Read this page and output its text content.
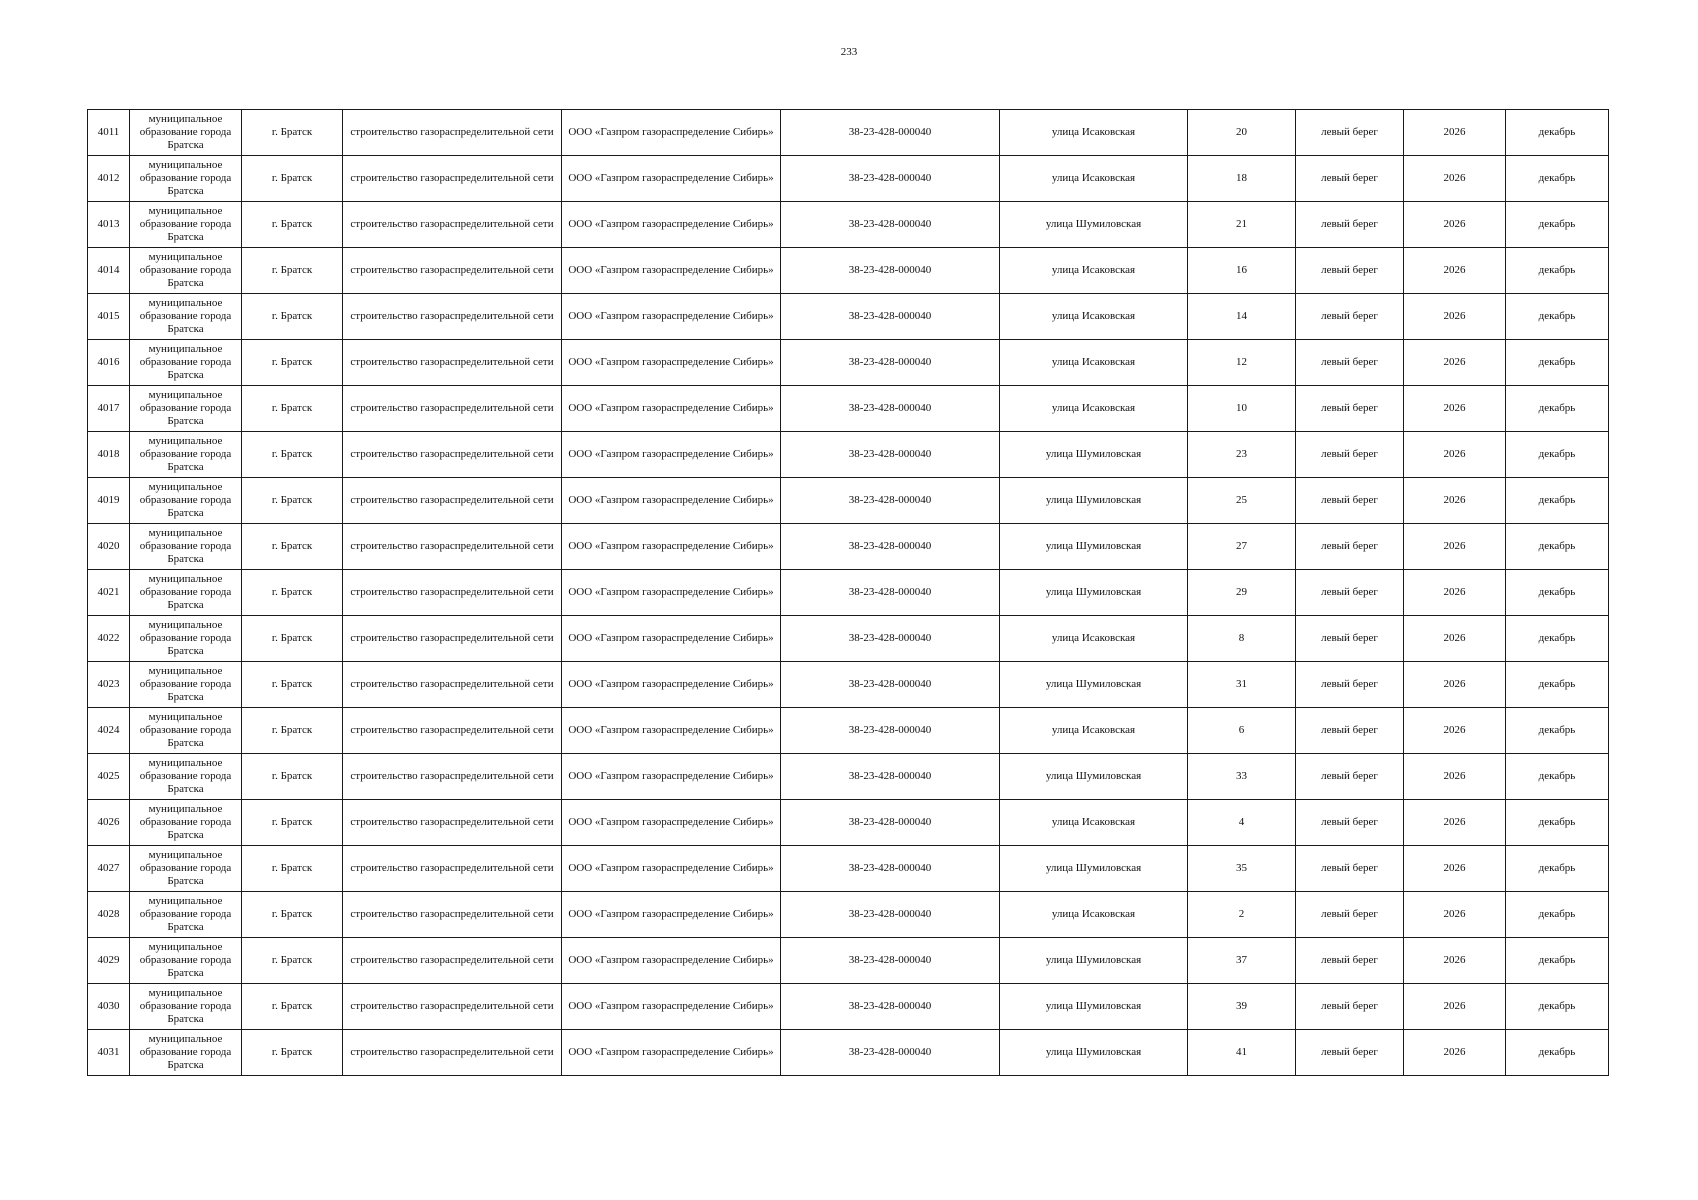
233
4011	муниципальное образование города Братска	г. Братск	строительство газораспределительной сети	ООО «Газпром газораспределение Сибирь»	38-23-428-000040	улица Исаковская	20	левый берег	2026	декабрь
4012	муниципальное образование города Братска	г. Братск	строительство газораспределительной сети	ООО «Газпром газораспределение Сибирь»	38-23-428-000040	улица Исаковская	18	левый берег	2026	декабрь
4013	муниципальное образование города Братска	г. Братск	строительство газораспределительной сети	ООО «Газпром газораспределение Сибирь»	38-23-428-000040	улица Шумиловская	21	левый берег	2026	декабрь
4014	муниципальное образование города Братска	г. Братск	строительство газораспределительной сети	ООО «Газпром газораспределение Сибирь»	38-23-428-000040	улица Исаковская	16	левый берег	2026	декабрь
4015	муниципальное образование города Братска	г. Братск	строительство газораспределительной сети	ООО «Газпром газораспределение Сибирь»	38-23-428-000040	улица Исаковская	14	левый берег	2026	декабрь
4016	муниципальное образование города Братска	г. Братск	строительство газораспределительной сети	ООО «Газпром газораспределение Сибирь»	38-23-428-000040	улица Исаковская	12	левый берег	2026	декабрь
4017	муниципальное образование города Братска	г. Братск	строительство газораспределительной сети	ООО «Газпром газораспределение Сибирь»	38-23-428-000040	улица Исаковская	10	левый берег	2026	декабрь
4018	муниципальное образование города Братска	г. Братск	строительство газораспределительной сети	ООО «Газпром газораспределение Сибирь»	38-23-428-000040	улица Шумиловская	23	левый берег	2026	декабрь
4019	муниципальное образование города Братска	г. Братск	строительство газораспределительной сети	ООО «Газпром газораспределение Сибирь»	38-23-428-000040	улица Шумиловская	25	левый берег	2026	декабрь
4020	муниципальное образование города Братска	г. Братск	строительство газораспределительной сети	ООО «Газпром газораспределение Сибирь»	38-23-428-000040	улица Шумиловская	27	левый берег	2026	декабрь
4021	муниципальное образование города Братска	г. Братск	строительство газораспределительной сети	ООО «Газпром газораспределение Сибирь»	38-23-428-000040	улица Шумиловская	29	левый берег	2026	декабрь
4022	муниципальное образование города Братска	г. Братск	строительство газораспределительной сети	ООО «Газпром газораспределение Сибирь»	38-23-428-000040	улица Исаковская	8	левый берег	2026	декабрь
4023	муниципальное образование города Братска	г. Братск	строительство газораспределительной сети	ООО «Газпром газораспределение Сибирь»	38-23-428-000040	улица Шумиловская	31	левый берег	2026	декабрь
4024	муниципальное образование города Братска	г. Братск	строительство газораспределительной сети	ООО «Газпром газораспределение Сибирь»	38-23-428-000040	улица Исаковская	6	левый берег	2026	декабрь
4025	муниципальное образование города Братска	г. Братск	строительство газораспределительной сети	ООО «Газпром газораспределение Сибирь»	38-23-428-000040	улица Шумиловская	33	левый берег	2026	декабрь
4026	муниципальное образование города Братска	г. Братск	строительство газораспределительной сети	ООО «Газпром газораспределение Сибирь»	38-23-428-000040	улица Исаковская	4	левый берег	2026	декабрь
4027	муниципальное образование города Братска	г. Братск	строительство газораспределительной сети	ООО «Газпром газораспределение Сибирь»	38-23-428-000040	улица Шумиловская	35	левый берег	2026	декабрь
4028	муниципальное образование города Братска	г. Братск	строительство газораспределительной сети	ООО «Газпром газораспределение Сибирь»	38-23-428-000040	улица Исаковская	2	левый берег	2026	декабрь
4029	муниципальное образование города Братска	г. Братск	строительство газораспределительной сети	ООО «Газпром газораспределение Сибирь»	38-23-428-000040	улица Шумиловская	37	левый берег	2026	декабрь
4030	муниципальное образование города Братска	г. Братск	строительство газораспределительной сети	ООО «Газпром газораспределение Сибирь»	38-23-428-000040	улица Шумиловская	39	левый берег	2026	декабрь
4031	муниципальное образование города Братска	г. Братск	строительство газораспределительной сети	ООО «Газпром газораспределение Сибирь»	38-23-428-000040	улица Шумиловская	41	левый берег	2026	декабрь
